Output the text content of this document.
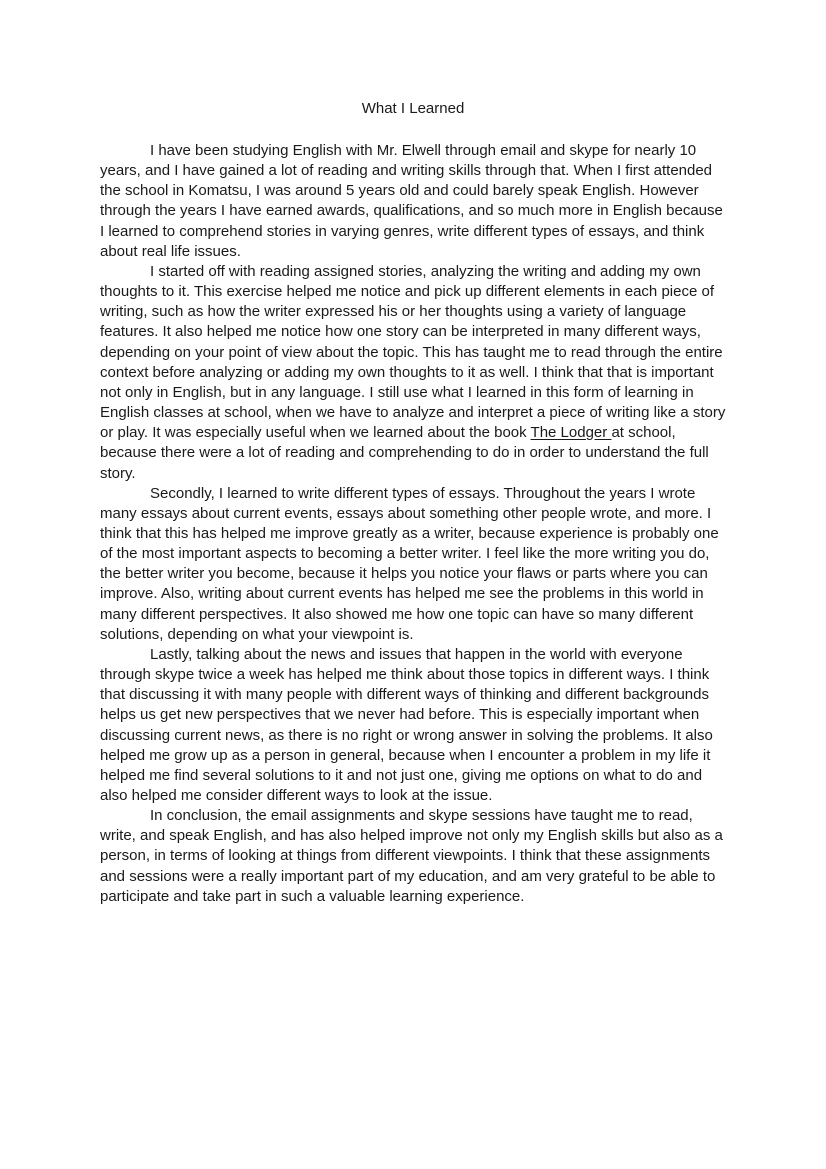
What I Learned

I have been studying English with Mr. Elwell through email and skype for nearly 10 years, and I have gained a lot of reading and writing skills through that. When I first attended the school in Komatsu, I was around 5 years old and could barely speak English. However through the years I have earned awards, qualifications, and so much more in English because I learned to comprehend stories in varying genres, write different types of essays, and think about real life issues.

I started off with reading assigned stories, analyzing the writing and adding my own thoughts to it. This exercise helped me notice and pick up different elements in each piece of writing, such as how the writer expressed his or her thoughts using a variety of language features. It also helped me notice how one story can be interpreted in many different ways, depending on your point of view about the topic. This has taught me to read through the entire context before analyzing or adding my own thoughts to it as well. I think that that is important not only in English, but in any language. I still use what I learned in this form of learning in English classes at school, when we have to analyze and interpret a piece of writing like a story or play. It was especially useful when we learned about the book The Lodger at school, because there were a lot of reading and comprehending to do in order to understand the full story.

Secondly, I learned to write different types of essays. Throughout the years I wrote many essays about current events, essays about something other people wrote, and more. I think that this has helped me improve greatly as a writer, because experience is probably one of the most important aspects to becoming a better writer. I feel like the more writing you do, the better writer you become, because it helps you notice your flaws or parts where you can improve. Also, writing about current events has helped me see the problems in this world in many different perspectives. It also showed me how one topic can have so many different solutions, depending on what your viewpoint is.

Lastly, talking about the news and issues that happen in the world with everyone through skype twice a week has helped me think about those topics in different ways. I think that discussing it with many people with different ways of thinking and different backgrounds helps us get new perspectives that we never had before. This is especially important when discussing current news, as there is no right or wrong answer in solving the problems. It also helped me grow up as a person in general, because when I encounter a problem in my life it helped me find several solutions to it and not just one, giving me options on what to do and also helped me consider different ways to look at the issue.

In conclusion, the email assignments and skype sessions have taught me to read, write, and speak English, and has also helped improve not only my English skills but also as a person, in terms of looking at things from different viewpoints. I think that these assignments and sessions were a really important part of my education, and am very grateful to be able to participate and take part in such a valuable learning experience.
